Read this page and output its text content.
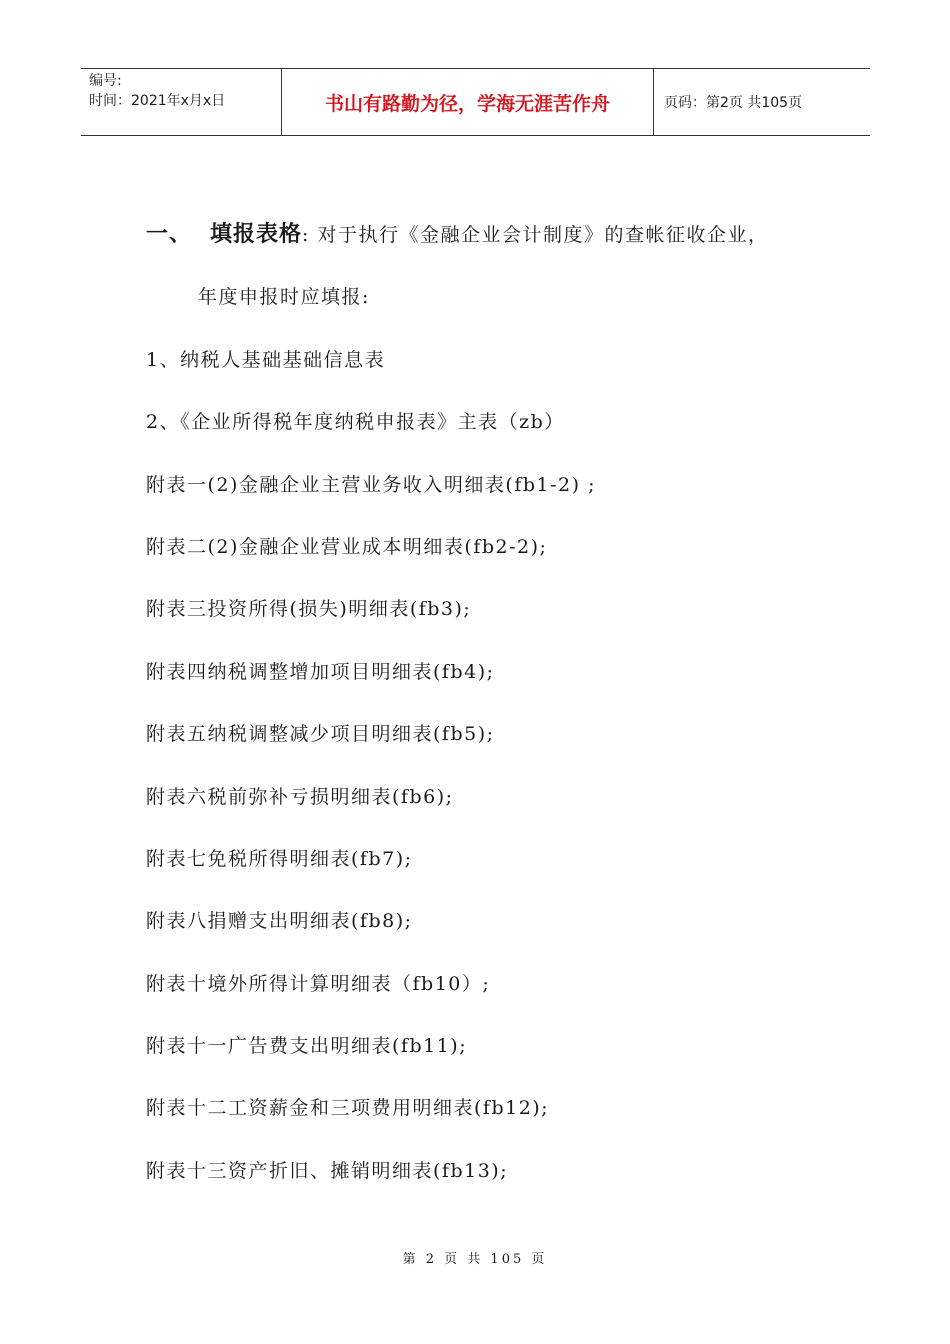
编号:
时间：2021年x月x日	书山有路勤为径，学海无涯苦作舟	页码：第2页 共105页
一、 填报表格: 对于执行《金融企业会计制度》的查帐征收企业，
年度申报时应填报:
1、纳税人基础基础信息表
2、《企业所得税年度纳税申报表》主表（zb）
附表一(2)金融企业主营业务收入明细表(fb1-2) ;
附表二(2)金融企业营业成本明细表(fb2-2);
附表三投资所得(损失)明细表(fb3);
附表四纳税调整增加项目明细表(fb4);
附表五纳税调整减少项目明细表(fb5);
附表六税前弥补亏损明细表(fb6);
附表七免税所得明细表(fb7);
附表八捐赠支出明细表(fb8);
附表十境外所得计算明细表（fb10）;
附表十一广告费支出明细表(fb11);
附表十二工资薪金和三项费用明细表(fb12);
附表十三资产折旧、摊销明细表(fb13);
第 2 页 共 105 页
